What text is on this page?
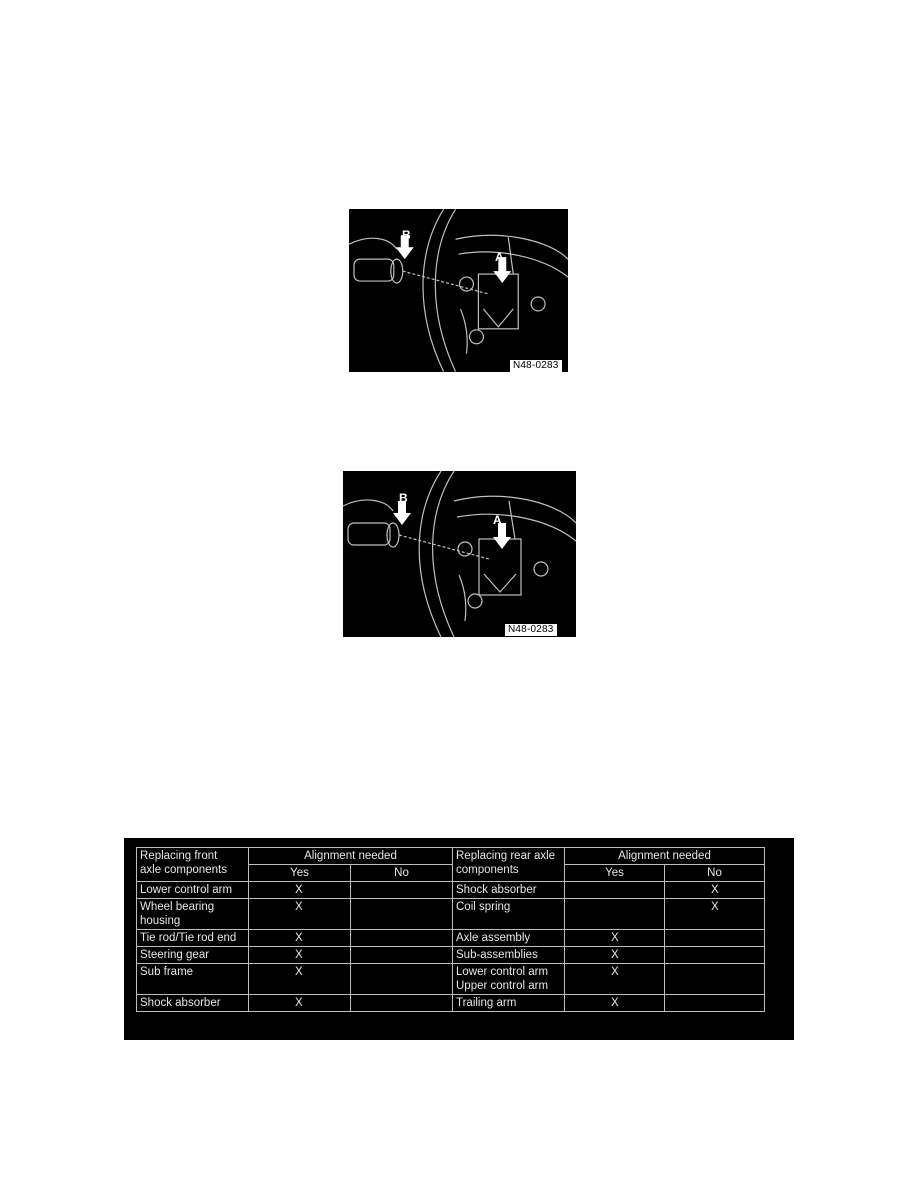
B
A
N48-0283
B
A
N48-0283
Replacing front
axle components	Alignment needed		Replacing rear axle
components	Alignment needed	
	Yes	No		Yes	No
Lower control arm	X		Shock absorber		X

Wheel bearing
housing	X		Coil spring		X
Tie rod/Tie rod end	X		Axle assembly	X	
Steering gear	X		Sub-assemblies	X	
Sub frame	X		Lower control arm
Upper control arm	X	
Shock absorber	X		Trailing arm	X	
